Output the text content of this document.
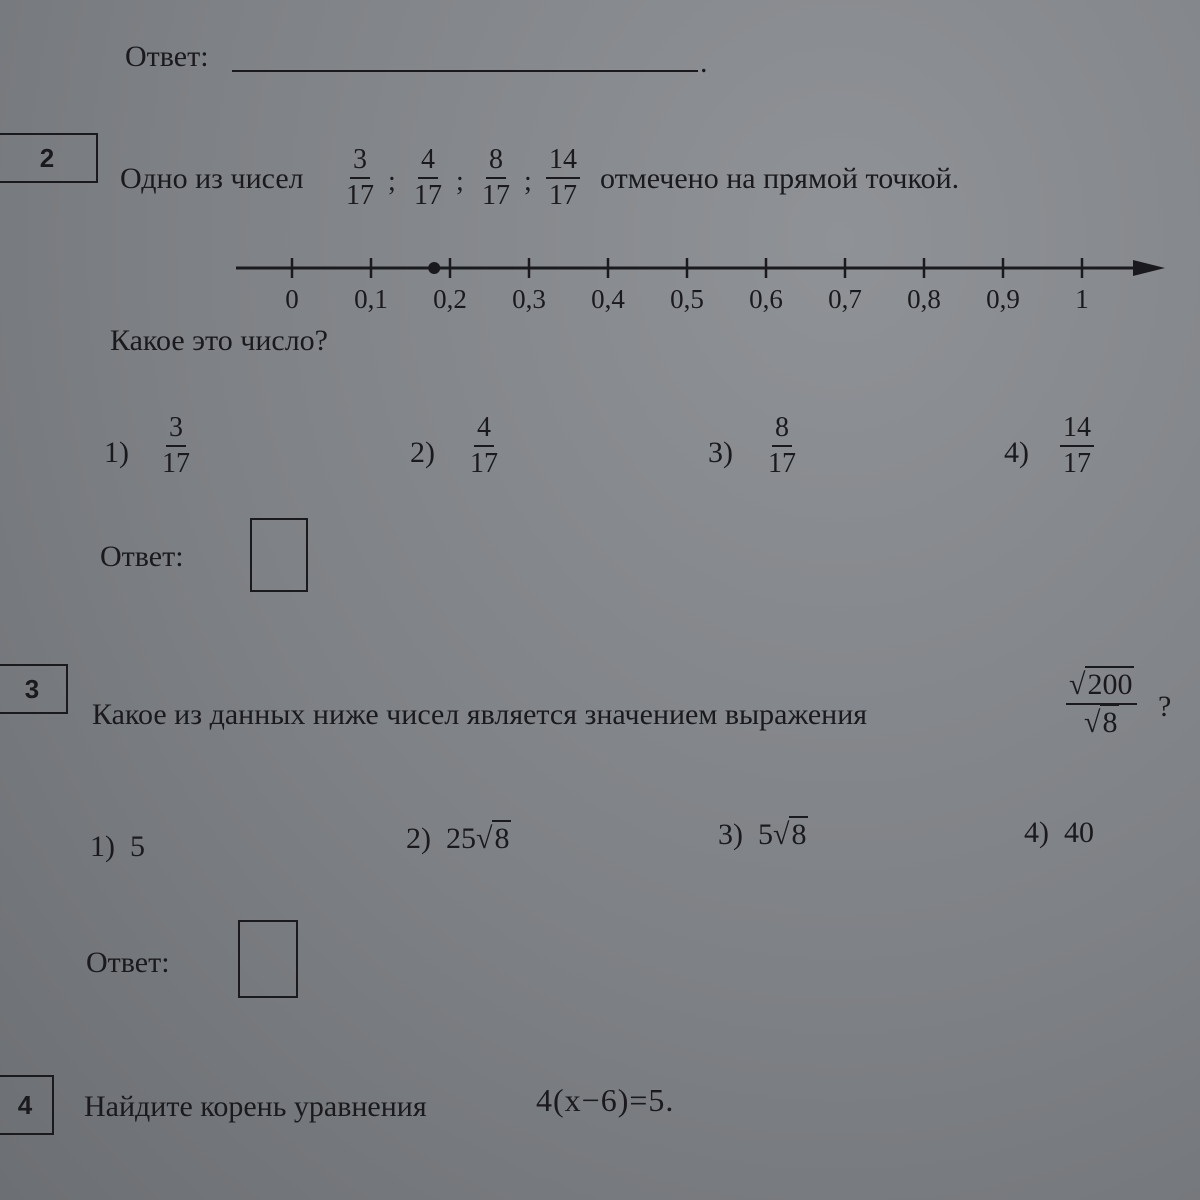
Ответ:	.
2
Одно из чисел $\frac{3}{17}$ ; $\frac{4}{17}$ ; $\frac{8}{17}$ ; $\frac{14}{17}$ отмечено на прямой точкой.
0 0,1 0,2 0,3 0,4 0,5 0,6 0,7 0,8 0,9 1
Какое это число?
$1) \frac{3}{17}$	$2) \frac{4}{17}$	$3) \frac{8}{17}$	$4) \frac{14}{17}$
Ответ:
3
Какое из данных ниже чисел является значением выражения	$\frac{√200}{√8}$ ?
1) 5	2) 25√8	3) 5√8	4) 40
Ответ:
4 Найдите корень уравнения	4(x−6)=5.
